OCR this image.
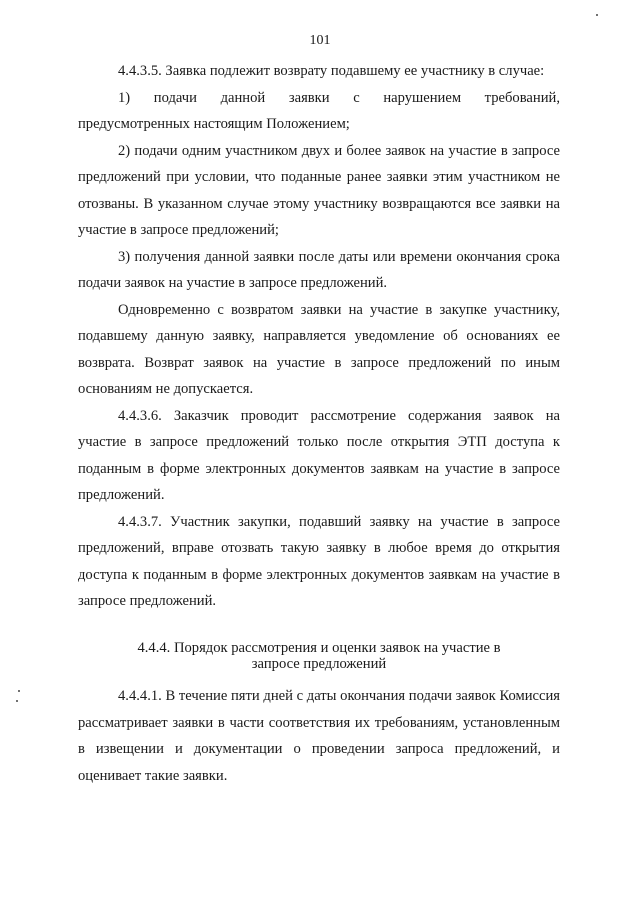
101

4.4.3.5. Заявка подлежит возврату подавшему ее участнику в случае:

1)    подачи    данной    заявки    с    нарушением    требований, предусмотренных настоящим Положением;

2) подачи одним участником двух и более заявок на участие в запросе предложений при условии, что поданные ранее заявки этим участником не отозваны. В указанном случае этому участнику возвращаются все заявки на участие в запросе предложений;

3) получения данной заявки после даты или времени окончания срока подачи заявок на участие в запросе предложений.

Одновременно с возвратом заявки на участие в закупке участнику, подавшему данную заявку, направляется уведомление об основаниях ее возврата. Возврат заявок на участие в запросе предложений по иным основаниям не допускается.

4.4.3.6. Заказчик проводит рассмотрение содержания заявок на участие в запросе предложений только после открытия ЭТП доступа к поданным в форме электронных документов заявкам на участие в запросе предложений.

4.4.3.7. Участник закупки, подавший заявку на участие в запросе предложений, вправе отозвать такую заявку в любое время до открытия доступа к поданным в форме электронных документов заявкам на участие в запросе предложений.

4.4.4. Порядок рассмотрения и оценки заявок на участие в
запросе предложений

4.4.4.1. В течение пяти дней с даты окончания подачи заявок Комиссия рассматривает заявки в части соответствия их требованиям, установленным в извещении и документации о проведении запроса предложений, и оценивает такие заявки.
